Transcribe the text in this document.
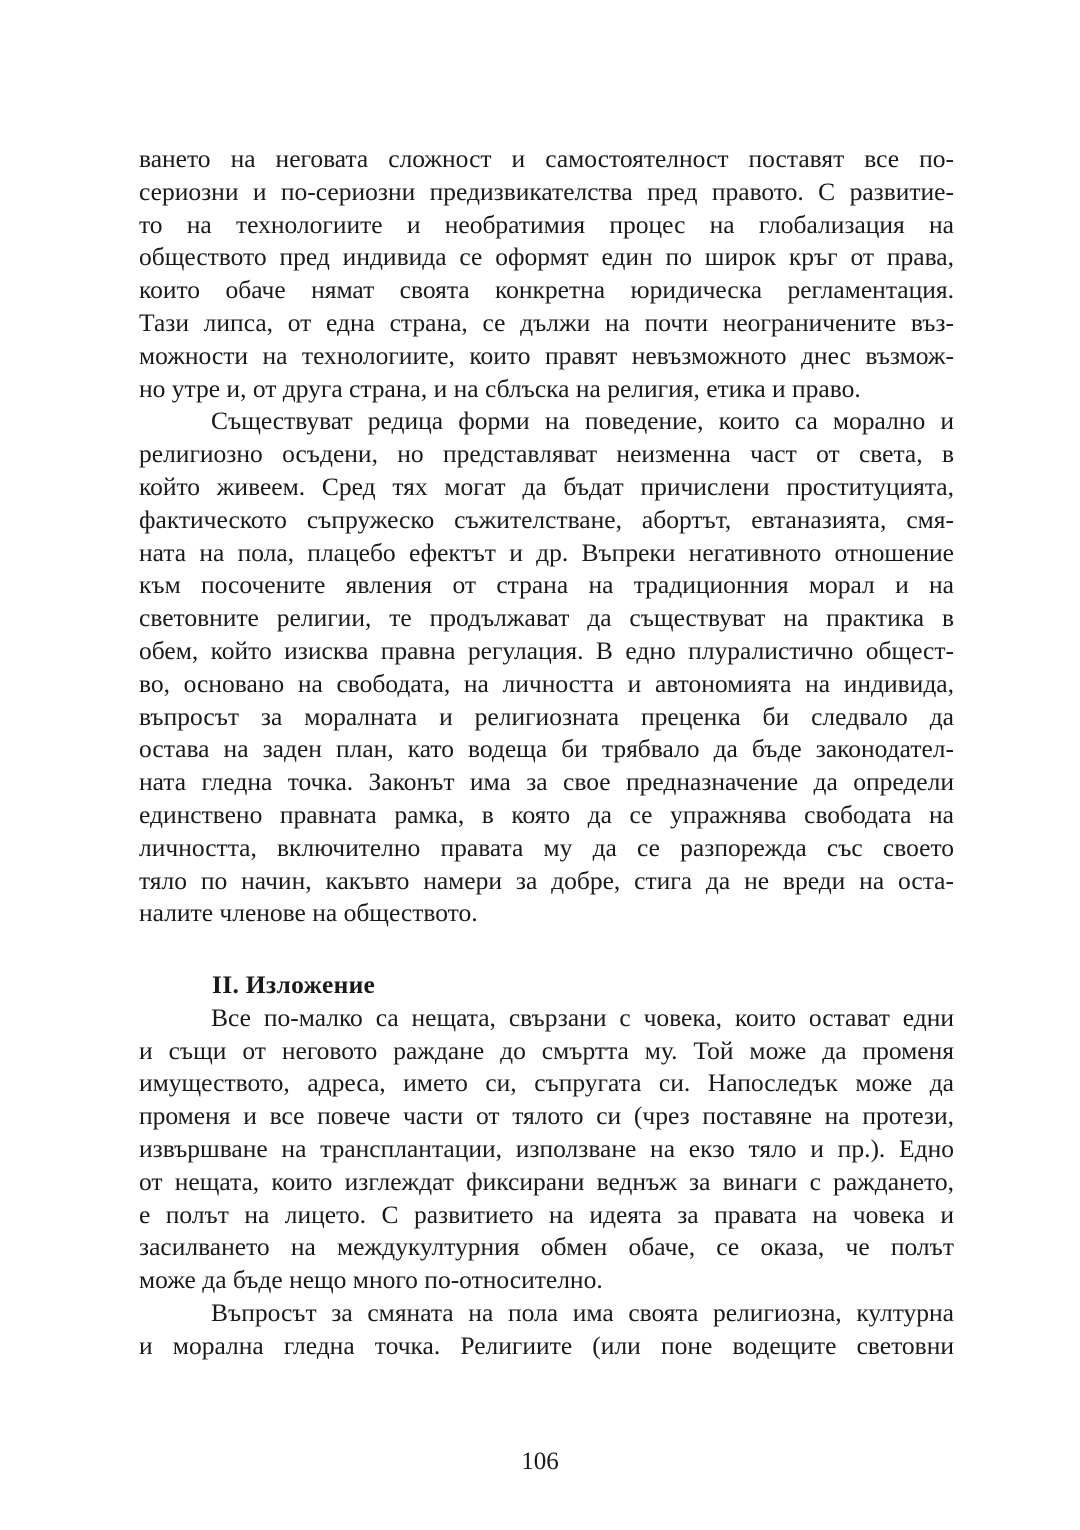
ването на неговата сложност и самостоятелност поставят все по-
сериозни и по-сериозни предизвикателства пред правото. С развитие-
то на технологиите и необратимия процес на глобализация на
обществото пред индивида се оформят един по широк кръг от права,
които обаче нямат своята конкретна юридическа регламентация.
Тази липса, от една страна, се дължи на почти неограничените въз-
можности на технологиите, които правят невъзможното днес възмож-
но утре и, от друга страна, и на сблъска на религия, етика и право.
Съществуват редица форми на поведение, които са морално и
религиозно осъдени, но представляват неизменна част от света, в
който живеем. Сред тях могат да бъдат причислени проституцията,
фактическото съпружеско съжителстване, абортът, евтаназията, смя-
ната на пола, плацебо ефектът и др. Въпреки негативното отношение
към посочените явления от страна на традиционния морал и на
световните религии, те продължават да съществуват на практика в
обем, който изисква правна регулация. В едно плуралистично общест-
во, основано на свободата, на личността и автономията на индивида,
въпросът за моралната и религиозната преценка би следвало да
остава на заден план, като водеща би трябвало да бъде законодател-
ната гледна точка. Законът има за свое предназначение да определи
единствено правната рамка, в която да се упражнява свободата на
личността, включително правата му да се разпорежда със своето
тяло по начин, какъвто намери за добре, стига да не вреди на оста-
налите членове на обществото.
II. Изложение
Все по-малко са нещата, свързани с човека, които остават едни
и същи от неговото раждане до смъртта му. Той може да променя
имуществото, адреса, името си, съпругата си. Напоследък може да
променя и все повече части от тялото си (чрез поставяне на протези,
извършване на трансплантации, използване на екзо тяло и пр.). Едно
от нещата, които изглеждат фиксирани веднъж за винаги с раждането,
е полът на лицето. С развитието на идеята за правата на човека и
засилването на междукултурния обмен обаче, се оказа, че полът
може да бъде нещо много по-относително.
Въпросът за смяната на пола има своята религиозна, културна
и морална гледна точка. Религиите (или поне водещите световни
106
